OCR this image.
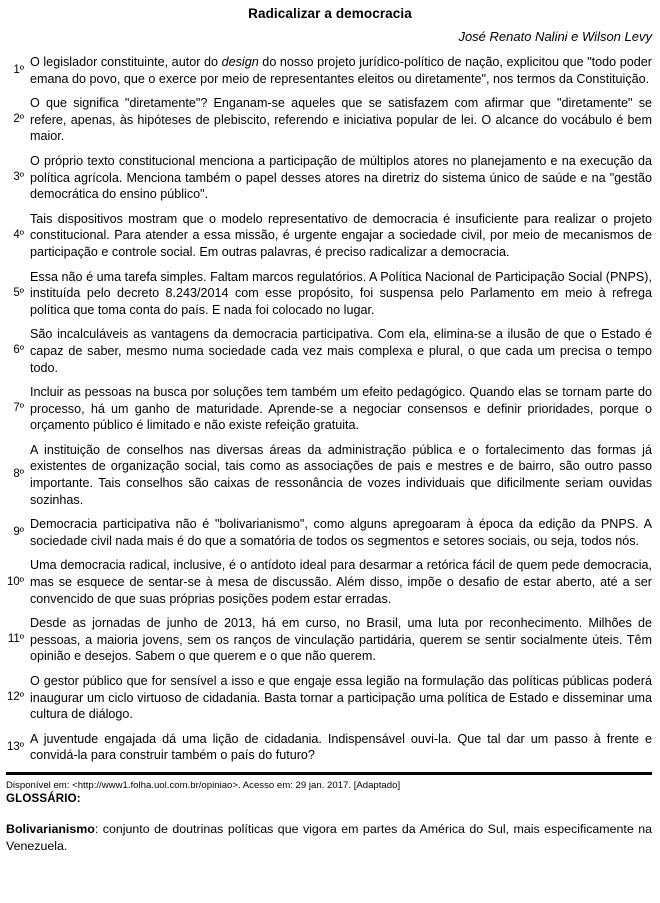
Radicalizar a democracia
José Renato Nalini e Wilson Levy
1º
O legislador constituinte, autor do design do nosso projeto jurídico-político de nação, explicitou que "todo poder emana do povo, que o exerce por meio de representantes eleitos ou diretamente", nos termos da Constituição.
2º
O que significa "diretamente"? Enganam-se aqueles que se satisfazem com afirmar que "diretamente" se refere, apenas, às hipóteses de plebiscito, referendo e iniciativa popular de lei. O alcance do vocábulo é bem maior.
3º
O próprio texto constitucional menciona a participação de múltiplos atores no planejamento e na execução da política agrícola. Menciona também o papel desses atores na diretriz do sistema único de saúde e na "gestão democrática do ensino público".
4º
Tais dispositivos mostram que o modelo representativo de democracia é insuficiente para realizar o projeto constitucional. Para atender a essa missão, é urgente engajar a sociedade civil, por meio de mecanismos de participação e controle social. Em outras palavras, é preciso radicalizar a democracia.
5º
Essa não é uma tarefa simples. Faltam marcos regulatórios. A Política Nacional de Participação Social (PNPS), instituída pelo decreto 8.243/2014 com esse propósito, foi suspensa pelo Parlamento em meio à refrega política que toma conta do país. E nada foi colocado no lugar.
6º
São incalculáveis as vantagens da democracia participativa. Com ela, elimina-se a ilusão de que o Estado é capaz de saber, mesmo numa sociedade cada vez mais complexa e plural, o que cada um precisa o tempo todo.
7º
Incluir as pessoas na busca por soluções tem também um efeito pedagógico. Quando elas se tornam parte do processo, há um ganho de maturidade. Aprende-se a negociar consensos e definir prioridades, porque o orçamento público é limitado e não existe refeição gratuita.
8º
A instituição de conselhos nas diversas áreas da administração pública e o fortalecimento das formas já existentes de organização social, tais como as associações de pais e mestres e de bairro, são outro passo importante. Tais conselhos são caixas de ressonância de vozes individuais que dificilmente seriam ouvidas sozinhas.
9º
Democracia participativa não é "bolivarianismo", como alguns apregoaram à época da edição da PNPS. A sociedade civil nada mais é do que a somatória de todos os segmentos e setores sociais, ou seja, todos nós.
10º
Uma democracia radical, inclusive, é o antídoto ideal para desarmar a retórica fácil de quem pede democracia, mas se esquece de sentar-se à mesa de discussão. Além disso, impõe o desafio de estar aberto, até a ser convencido de que suas próprias posições podem estar erradas.
11º
Desde as jornadas de junho de 2013, há em curso, no Brasil, uma luta por reconhecimento. Milhões de pessoas, a maioria jovens, sem os ranços de vinculação partidária, querem se sentir socialmente úteis. Têm opinião e desejos. Sabem o que querem e o que não querem.
12º
O gestor público que for sensível a isso e que engaje essa legião na formulação das políticas públicas poderá inaugurar um ciclo virtuoso de cidadania. Basta tornar a participação uma política de Estado e disseminar uma cultura de diálogo.
13º
A juventude engajada dá uma lição de cidadania. Indispensável ouvi-la. Que tal dar um passo à frente e convidá-la para construir também o país do futuro?
Disponível em: <http://www1.folha.uol.com.br/opiniao>. Acesso em: 29 jan. 2017. [Adaptado]
GLOSSÁRIO:
Bolivarianismo: conjunto de doutrinas políticas que vigora em partes da América do Sul, mais especificamente na Venezuela.
